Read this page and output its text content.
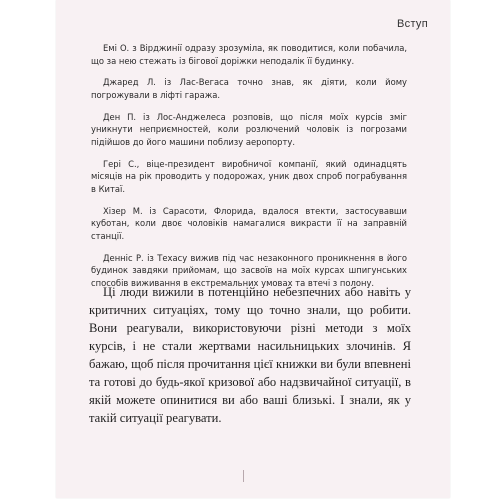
Вступ

Емі О. з Вірджинії одразу зрозуміла, як поводитися, коли побачила, що за нею стежать із бігової доріжки неподалік її будинку.

Джаред Л. із Лас-Вегаса точно знав, як діяти, коли йому погрожували в ліфті гаража.

Ден П. із Лос-Анджелеса розповів, що після моїх курсів зміг уникнути неприємностей, коли розлючений чоловік із погрозами підійшов до його машини поблизу аеропорту.

Гері С., віце-президент виробничої компанії, який одинадцять місяців на рік проводить у подорожах, уник двох спроб пограбування в Китаї.

Хізер М. із Сарасоти, Флорида, вдалося втекти, застосувавши куботан, коли двоє чоловіків намагалися викрасти її на заправній станції.

Денніс Р. із Техасу вижив під час незаконного проникнення в його будинок завдяки прийомам, що засвоїв на моїх курсах шпигунських способів виживання в екстремальних умовах та втечі з полону.

Ці люди вижили в потенційно небезпечних або навіть у критичних ситуаціях, тому що точно знали, що робити. Вони реагували, використовуючи різні методи з моїх курсів, і не стали жертвами насильницьких злочинів. Я бажаю, щоб після прочитання цієї книжки ви були впевнені та готові до будь-якої кризової або надзвичайної ситуації, в якій можете опинитися ви або ваші близькі. І знали, як у такій ситуації реагувати.
